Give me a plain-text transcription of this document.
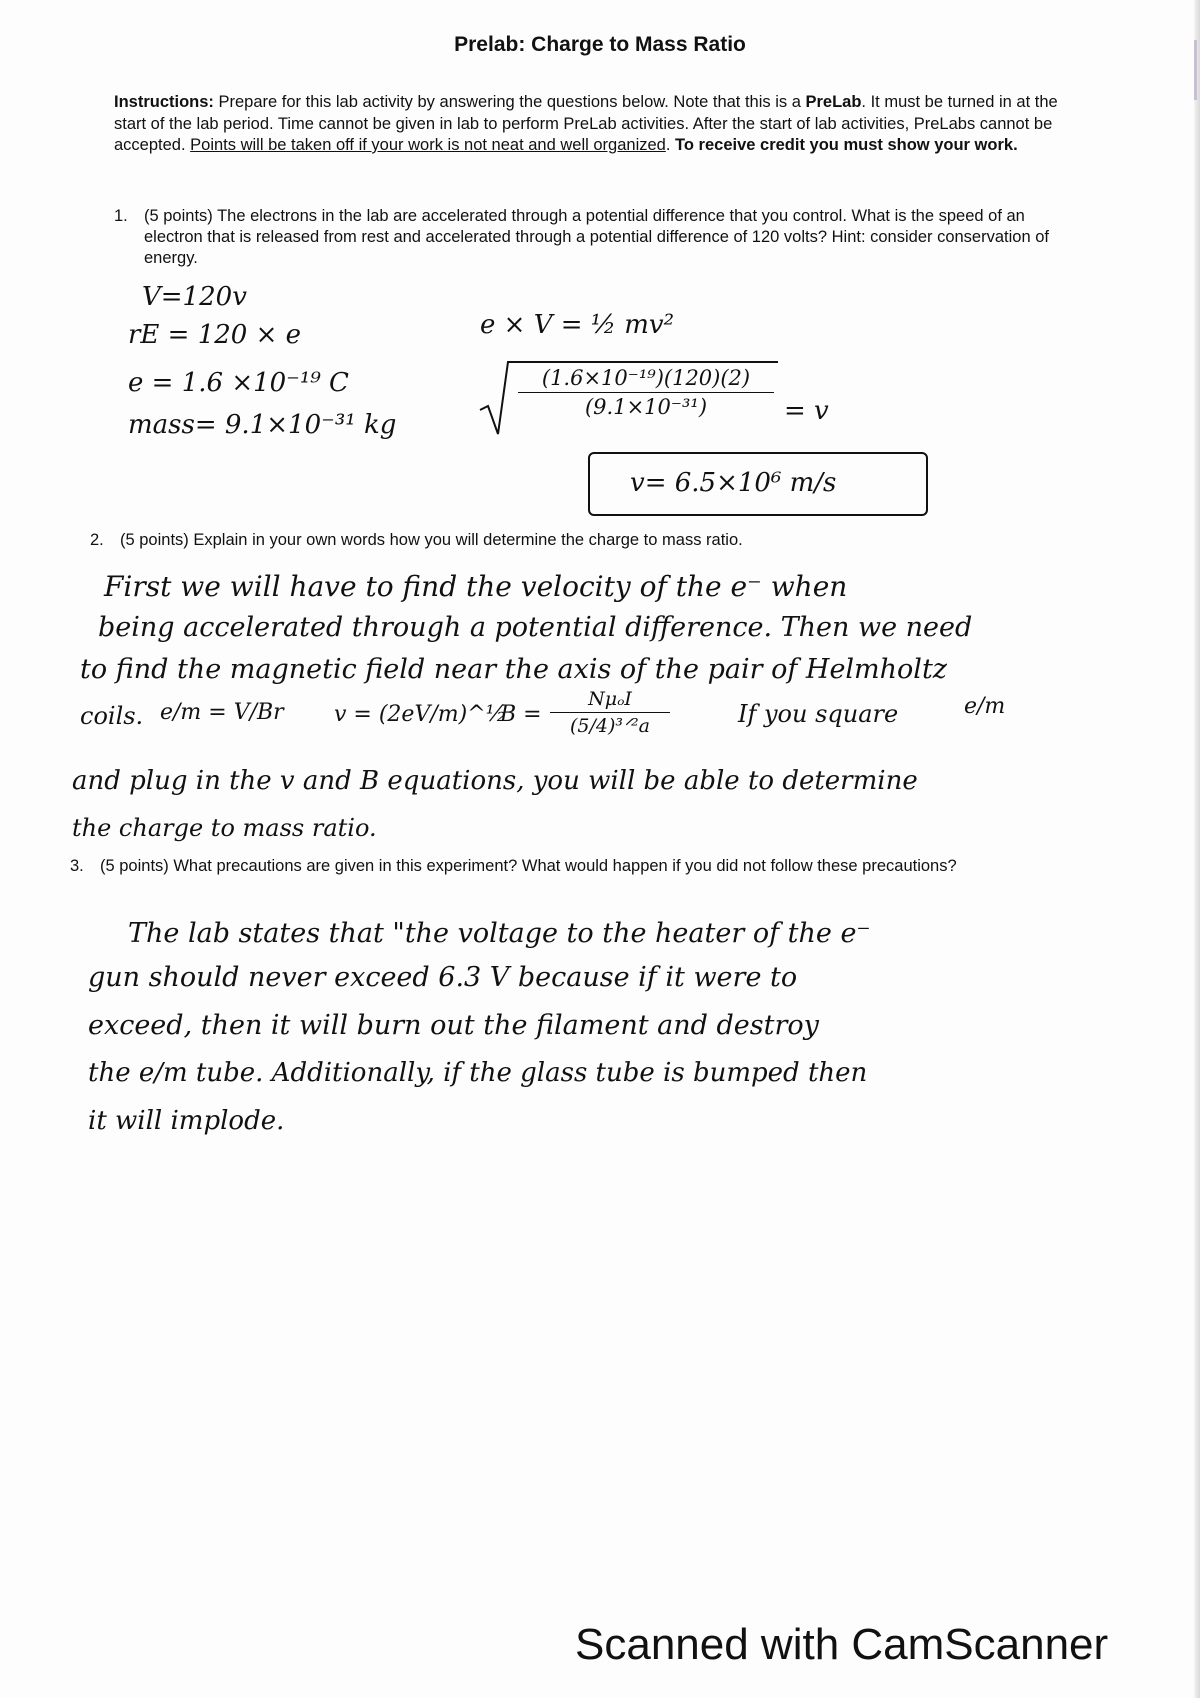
Prelab: Charge to Mass Ratio
Instructions: Prepare for this lab activity by answering the questions below. Note that this is a PreLab. It must be turned in at the start of the lab period. Time cannot be given in lab to perform PreLab activities. After the start of lab activities, PreLabs cannot be accepted. Points will be taken off if your work is not neat and well organized. To receive credit you must show your work.
1. (5 points) The electrons in the lab are accelerated through a potential difference that you control. What is the speed of an electron that is released from rest and accelerated through a potential difference of 120 volts? Hint: consider conservation of energy.
V=120v
rE = 120 × e
e = 1.6 ×10⁻¹⁹ C
mass= 9.1×10⁻³¹ kg
e × V = ½ mv²
(1.6×10⁻¹⁹)(120)(2)
(9.1×10⁻³¹)	= v
v= 6.5×10⁶ m/s
2. (5 points) Explain in your own words how you will determine the charge to mass ratio.
First we will have to find the velocity of the e⁻ when
being accelerated through a potential difference. Then we need
to find the magnetic field near the axis of the pair of Helmholtz
coils. e/m = V/Br v = (2eV/m)^½
B =
NμₒI
(5/4)³ᐟ²a	If you square	e/m
and plug in the v and B equations, you will be able to determine
the charge to mass ratio.
3. (5 points) What precautions are given in this experiment? What would happen if you did not follow these precautions?
The lab states that "the voltage to the heater of the e⁻
gun should never exceed 6.3 V because if it were to
exceed, then it will burn out the filament and destroy
the e/m tube. Additionally, if the glass tube is bumped then
it will implode.
Scanned with CamScanner
